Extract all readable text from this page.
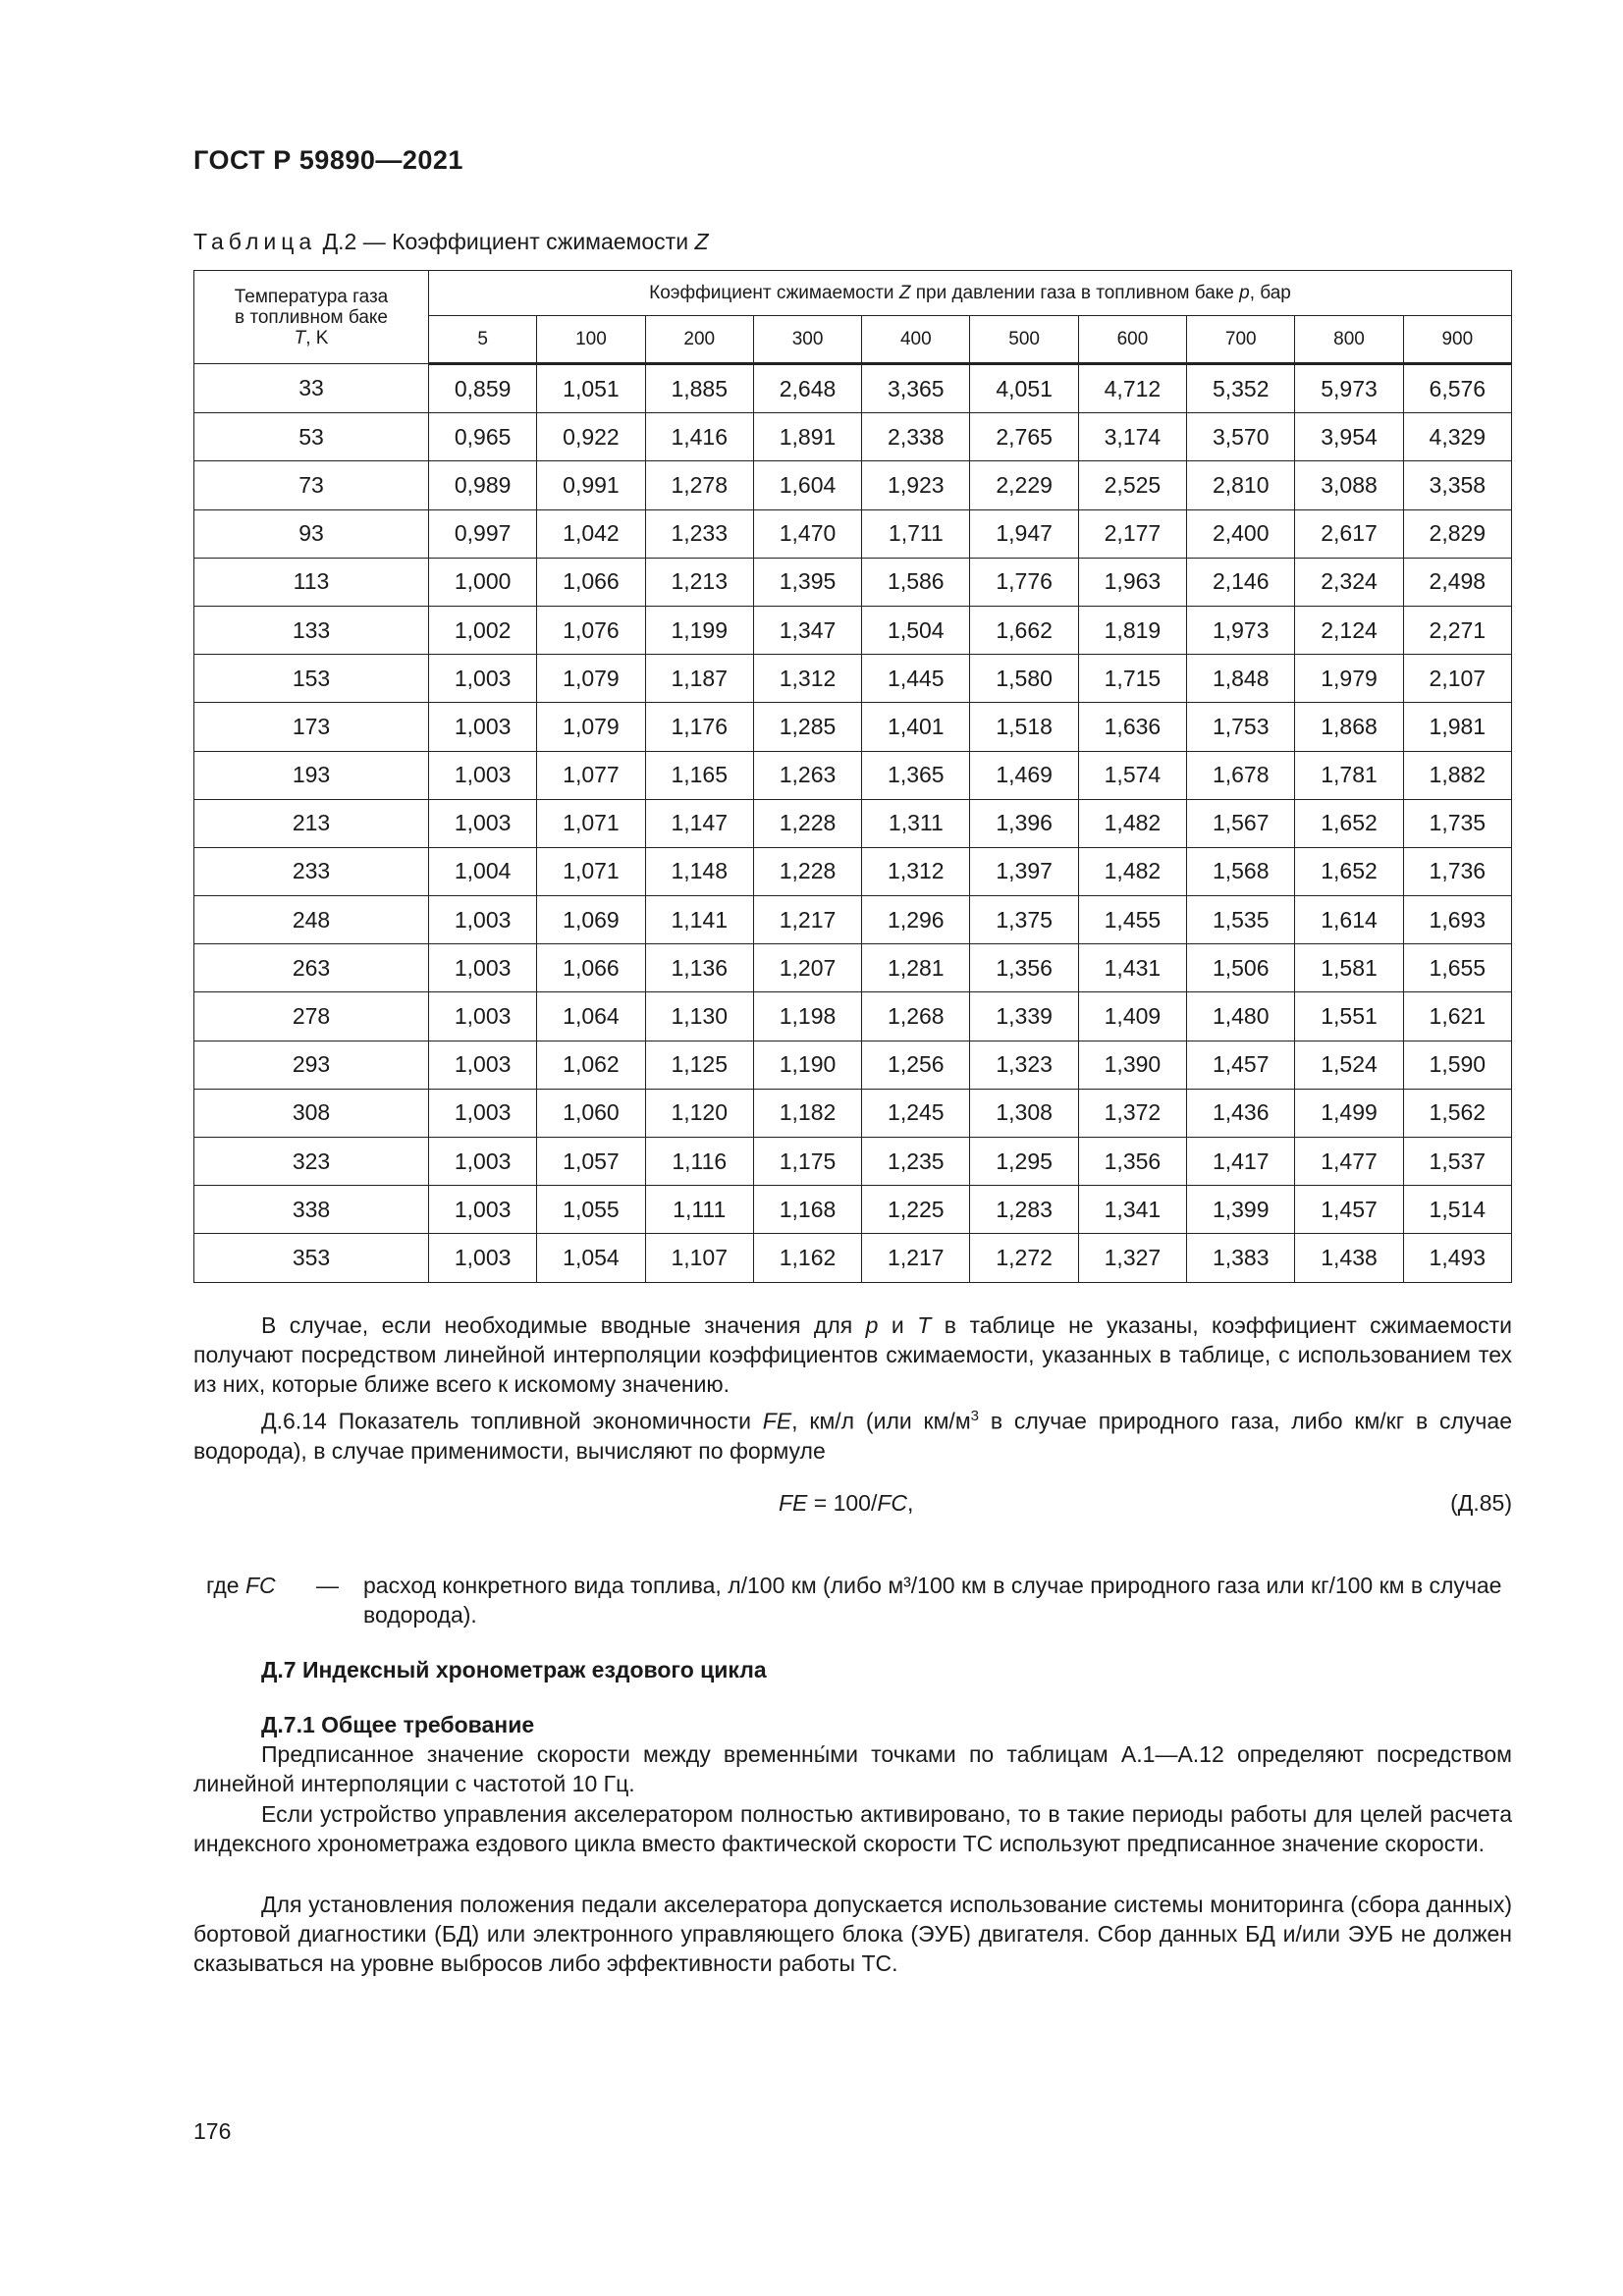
ГОСТ Р 59890—2021
Таблица Д.2 — Коэффициент сжимаемости Z
Температура газа
в топливном баке
T, K	Коэффициент сжимаемости Z при давлении газа в топливном баке p, бар									
	5	100	200	300	400	500	600	700	800	900
33	0,859	1,051	1,885	2,648	3,365	4,051	4,712	5,352	5,973	6,576
53	0,965	0,922	1,416	1,891	2,338	2,765	3,174	3,570	3,954	4,329
73	0,989	0,991	1,278	1,604	1,923	2,229	2,525	2,810	3,088	3,358
93	0,997	1,042	1,233	1,470	1,711	1,947	2,177	2,400	2,617	2,829
113	1,000	1,066	1,213	1,395	1,586	1,776	1,963	2,146	2,324	2,498
133	1,002	1,076	1,199	1,347	1,504	1,662	1,819	1,973	2,124	2,271
153	1,003	1,079	1,187	1,312	1,445	1,580	1,715	1,848	1,979	2,107
173	1,003	1,079	1,176	1,285	1,401	1,518	1,636	1,753	1,868	1,981
193	1,003	1,077	1,165	1,263	1,365	1,469	1,574	1,678	1,781	1,882
213	1,003	1,071	1,147	1,228	1,311	1,396	1,482	1,567	1,652	1,735
233	1,004	1,071	1,148	1,228	1,312	1,397	1,482	1,568	1,652	1,736
248	1,003	1,069	1,141	1,217	1,296	1,375	1,455	1,535	1,614	1,693
263	1,003	1,066	1,136	1,207	1,281	1,356	1,431	1,506	1,581	1,655
278	1,003	1,064	1,130	1,198	1,268	1,339	1,409	1,480	1,551	1,621
293	1,003	1,062	1,125	1,190	1,256	1,323	1,390	1,457	1,524	1,590
308	1,003	1,060	1,120	1,182	1,245	1,308	1,372	1,436	1,499	1,562
323	1,003	1,057	1,116	1,175	1,235	1,295	1,356	1,417	1,477	1,537
338	1,003	1,055	1,111	1,168	1,225	1,283	1,341	1,399	1,457	1,514
353	1,003	1,054	1,107	1,162	1,217	1,272	1,327	1,383	1,438	1,493
В случае, если необходимые вводные значения для p и T в таблице не указаны, коэффициент сжимаемости получают посредством линейной интерполяции коэффициентов сжимаемости, указанных в таблице, с использованием тех из них, которые ближе всего к искомому значению.
Д.6.14 Показатель топливной экономичности FE, км/л (или $км/м^3$ в случае природного газа, либо км/кг в случае водорода), в случае применимости, вычисляют по формуле
FE = 100/FC,	(Д.85)
где FC — расход конкретного вида топлива, л/100 км (либо м³/100 км в случае природного газа или кг/100 км в случае водорода).
Д.7 Индексный хронометраж ездового цикла
Д.7.1 Общее требование
Предписанное значение скорости между временны́ми точками по таблицам А.1—А.12 определяют посредством линейной интерполяции с частотой 10 Гц.
Если устройство управления акселератором полностью активировано, то в такие периоды работы для целей расчета индексного хронометража ездового цикла вместо фактической скорости ТС используют предписанное значение скорости.
Для установления положения педали акселератора допускается использование системы мониторинга (сбора данных) бортовой диагностики (БД) или электронного управляющего блока (ЭУБ) двигателя. Сбор данных БД и/или ЭУБ не должен сказываться на уровне выбросов либо эффективности работы ТС.
176
